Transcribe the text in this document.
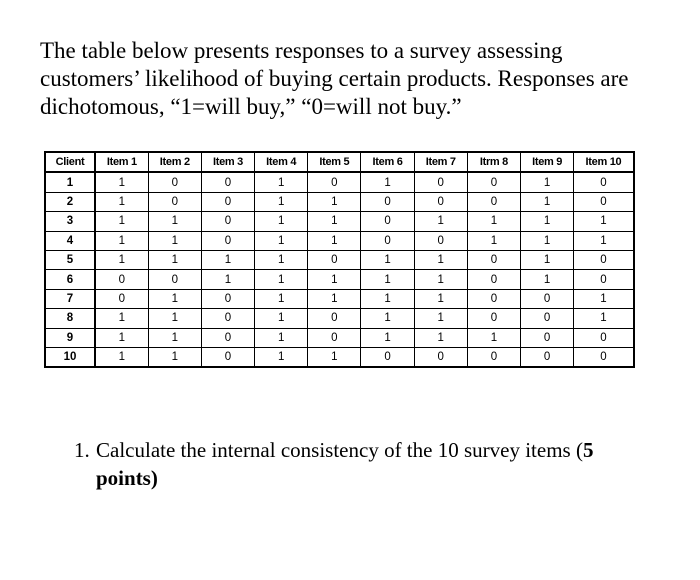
The table below presents responses to a survey assessing
customers’ likelihood of buying certain products. Responses are
dichotomous, “1=will buy,” “0=will not buy.”
Client	Item 1	Item 2	Item 3	Item 4	Item 5	Item 6	Item 7	Itrm 8	Item 9	Item 10
1	1	0	0	1	0	1	0	0	1	0
2	1	0	0	1	1	0	0	0	1	0
3	1	1	0	1	1	0	1	1	1	1
4	1	1	0	1	1	0	0	1	1	1
5	1	1	1	1	0	1	1	0	1	0
6	0	0	1	1	1	1	1	0	1	0
7	0	1	0	1	1	1	1	0	0	1
8	1	1	0	1	0	1	1	0	0	1
9	1	1	0	1	0	1	1	1	0	0
10	1	1	0	1	1	0	0	0	0	0
1. Calculate the internal consistency of the 10 survey items (5
points)
